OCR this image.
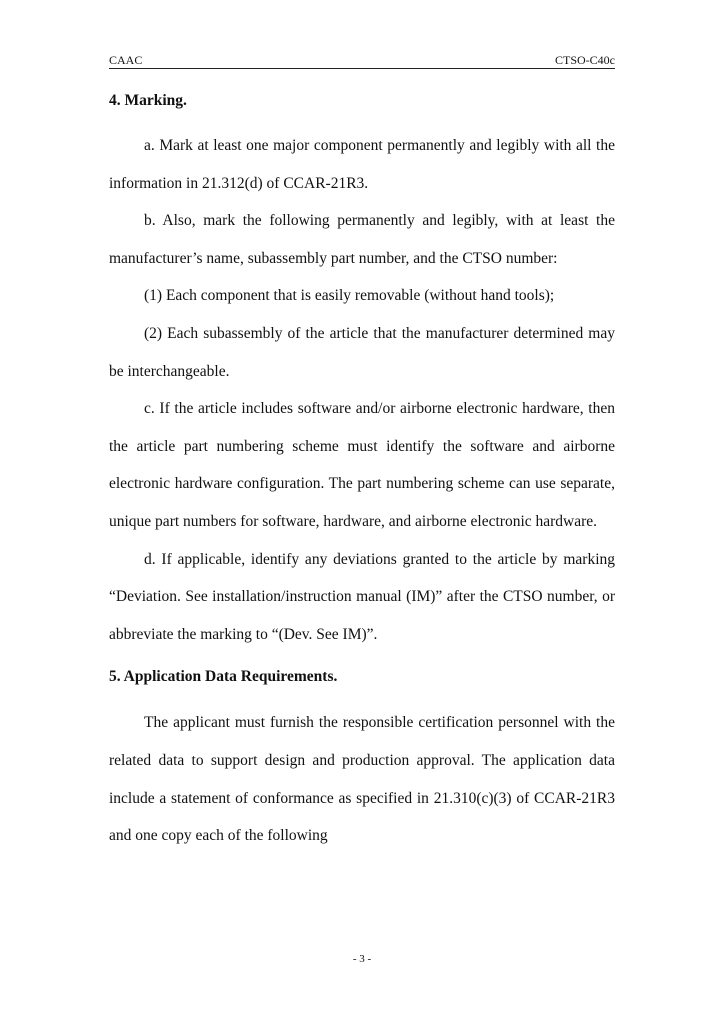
CAAC	CTSO-C40c

4. Marking.

a. Mark at least one major component permanently and legibly with all the information in 21.312(d) of CCAR-21R3.

b. Also, mark the following permanently and legibly, with at least the manufacturer’s name, subassembly part number, and the CTSO number:

(1) Each component that is easily removable (without hand tools);

(2) Each subassembly of the article that the manufacturer determined may be interchangeable.

c. If the article includes software and/or airborne electronic hardware, then the article part numbering scheme must identify the software and airborne electronic hardware configuration. The part numbering scheme can use separate, unique part numbers for software, hardware, and airborne electronic hardware.

d. If applicable, identify any deviations granted to the article by marking “Deviation. See installation/instruction manual (IM)” after the CTSO number, or abbreviate the marking to “(Dev. See IM)”.

5. Application Data Requirements.

The applicant must furnish the responsible certification personnel with the related data to support design and production approval. The application data include a statement of conformance as specified in 21.310(c)(3) of CCAR-21R3 and one copy each of the following

- 3 -
